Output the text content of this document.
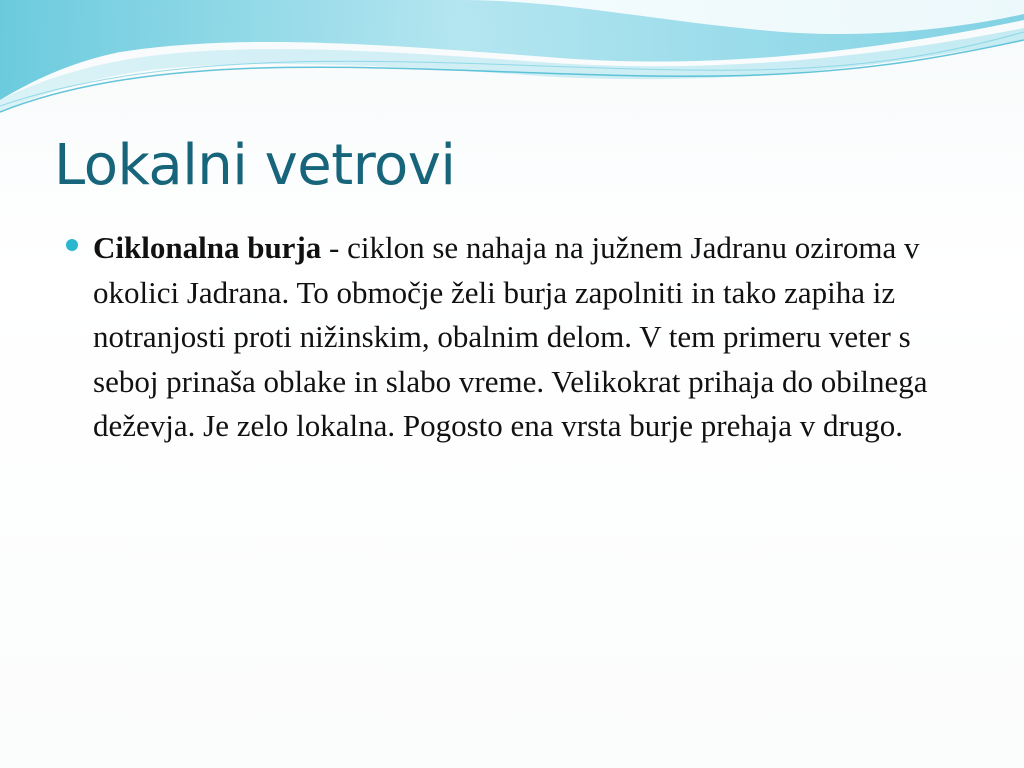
Lokalni vetrovi
Ciklonalna burja - ciklon se nahaja na južnem Jadranu oziroma v okolici Jadrana. To območje želi burja zapolniti in tako zapiha iz notranjosti proti nižinskim, obalnim delom. V tem primeru veter s seboj prinaša oblake in slabo vreme. Velikokrat prihaja do obilnega deževja. Je zelo lokalna. Pogosto ena vrsta burje prehaja v drugo.
